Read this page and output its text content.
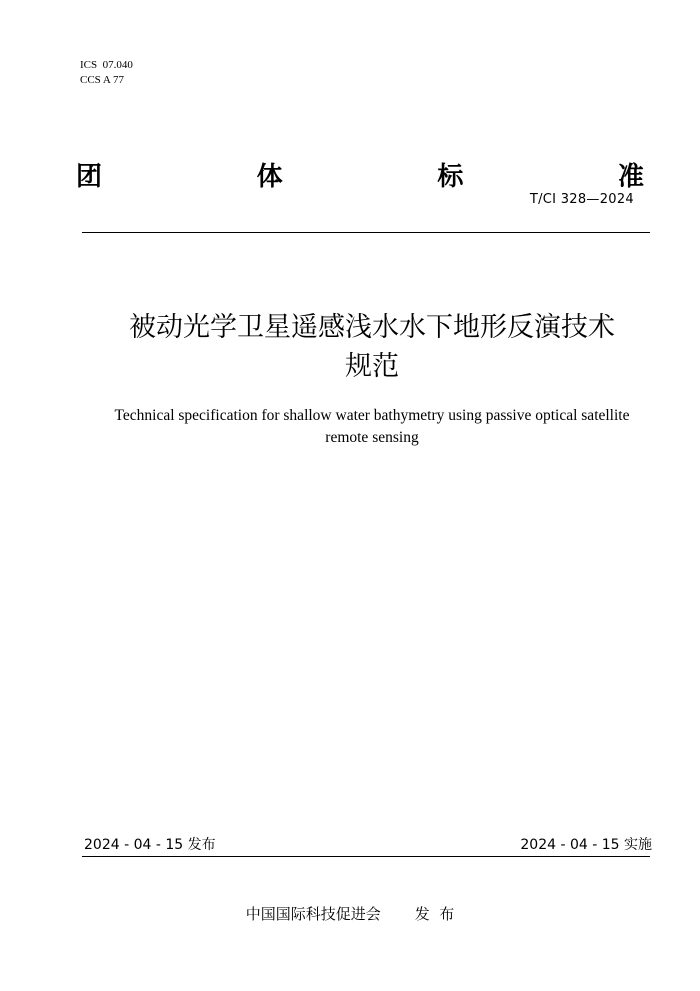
ICS  07.040
CCS A 77
团	体	标	准
T/CI 328—2024
被动光学卫星遥感浅水水下地形反演技术
规范
Technical specification for shallow water bathymetry using passive optical satellite
remote sensing
2024 - 04 - 15 发布	2024 - 04 - 15 实施
中国国际科技促进会 发  布
